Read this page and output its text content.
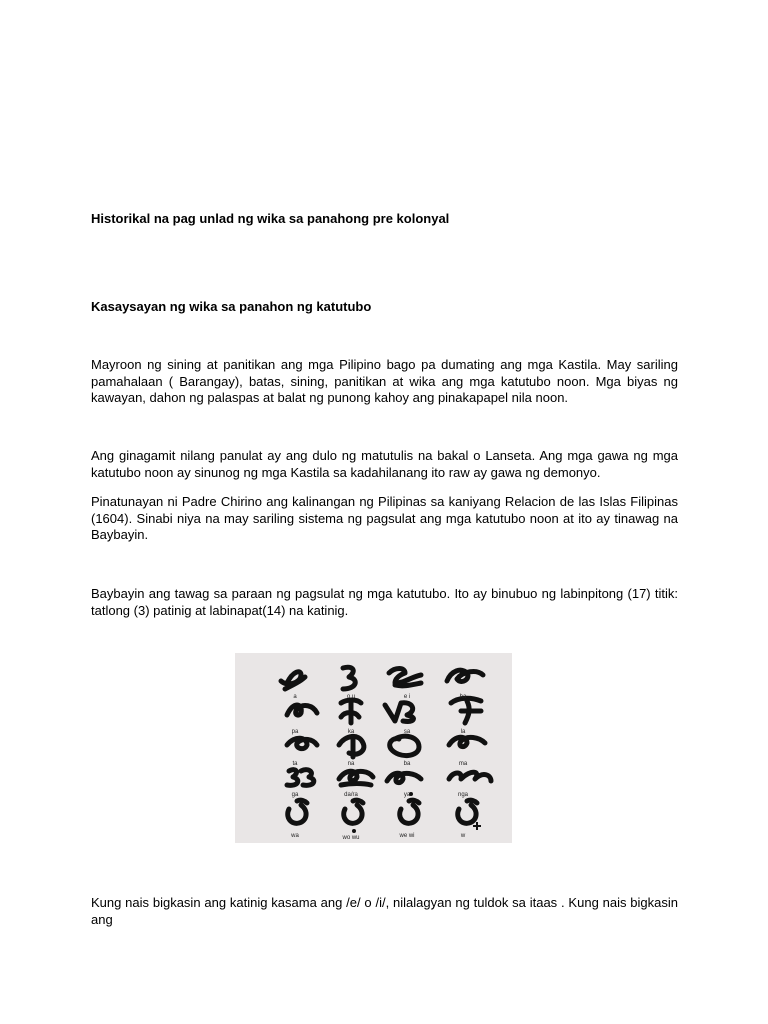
Historikal na pag unlad ng wika sa panahong pre kolonyal

Kasaysayan ng wika sa panahon ng katutubo

Mayroon ng sining at panitikan ang mga Pilipino bago pa dumating ang mga Kastila. May sariling pamahalaan ( Barangay), batas, sining, panitikan at wika ang mga katutubo noon. Mga biyas ng kawayan, dahon ng palaspas at balat ng punong kahoy ang pinakapapel nila noon.

Ang ginagamit nilang panulat ay ang dulo ng matutulis na bakal o Lanseta. Ang mga gawa ng mga katutubo noon ay sinunog ng mga Kastila sa kadahilanang ito raw ay gawa ng demonyo.

Pinatunayan ni Padre Chirino ang kalinangan ng Pilipinas sa kaniyang Relacion de las Islas Filipinas (1604). Sinabi niya na may sariling sistema ng pagsulat ang mga katutubo noon at ito ay tinawag na Baybayin.

Baybayin ang tawag sa paraan ng pagsulat ng mga katutubo. Ito ay binubuo ng labinpitong (17) titik: tatlong (3) patinig at labinapat(14) na katinig.

a	o u	e i	ha
pa	ka	sa	la
ta	na	ba	ma
ga	da/ra	ya	nga
wa	wo wu	we wi	w

Kung nais bigkasin ang katinig kasama ang /e/ o /i/, nilalagyan ng tuldok sa itaas . Kung nais bigkasin ang
